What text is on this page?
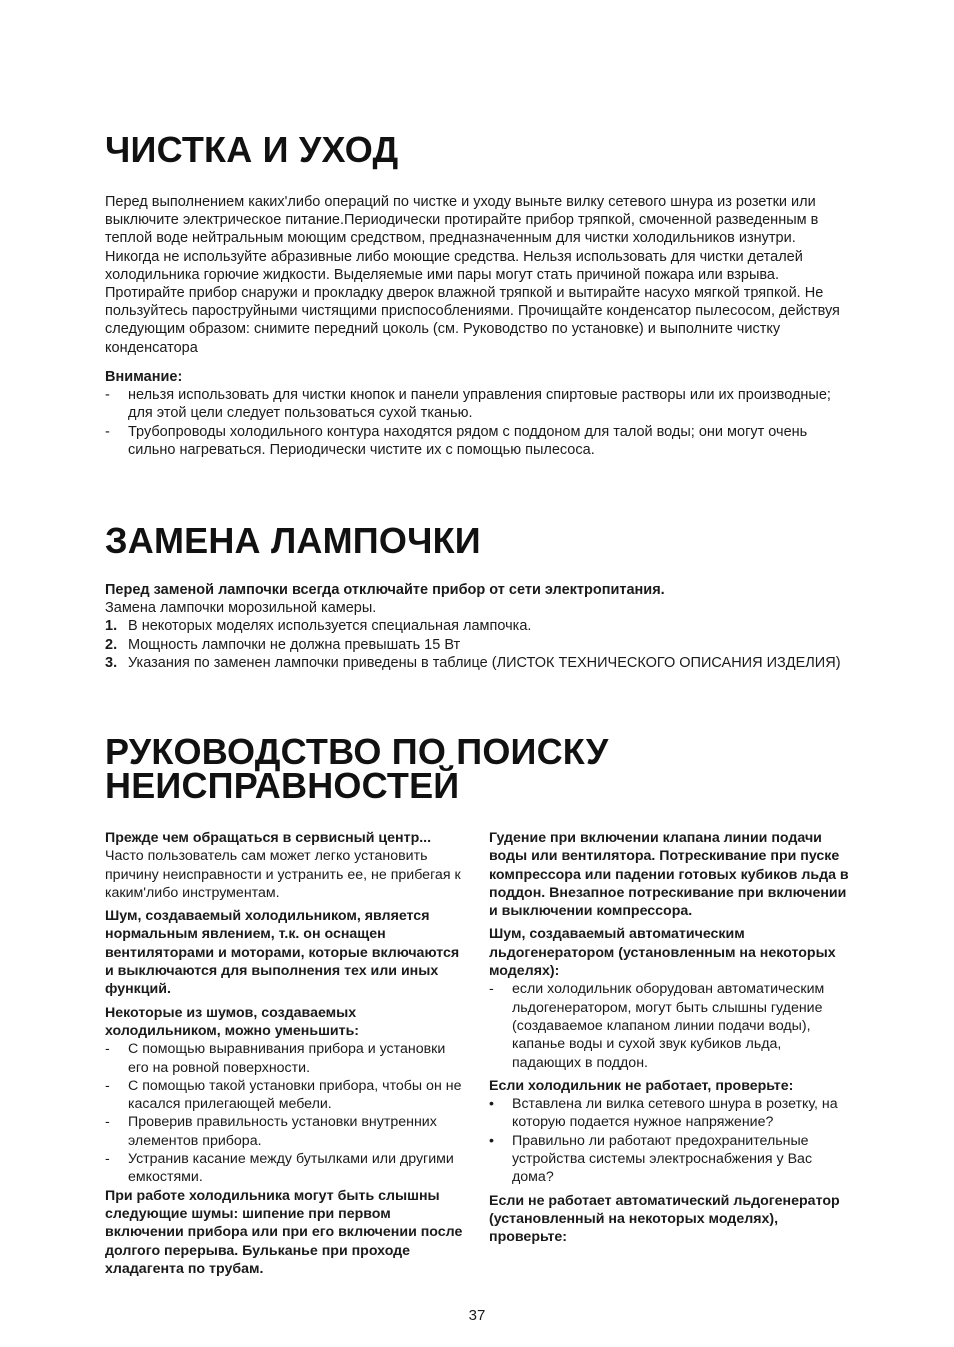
ЧИСТКА И УХОД

Перед выполнением каких'либо операций по чистке и уходу выньте вилку сетевого шнура из розетки или выключите электрическое питание.Периодически протирайте прибор тряпкой, смоченной разведенным в теплой воде нейтральным моющим средством, предназначенным для чистки холодильников изнутри. Никогда не используйте абразивные либо моющие средства. Нельзя использовать для чистки деталей холодильника горючие жидкости. Выделяемые ими пары могут стать причиной пожара или взрыва. Протирайте прибор снаружи и прокладку дверок влажной тряпкой и вытирайте насухо мягкой тряпкой. Не пользуйтесь пароструйными чистящими приспособлениями. Прочищайте конденсатор пылесосом, действуя следующим образом: снимите передний цоколь (см. Руководство по установке) и выполните чистку конденсатора

Внимание:
- нельзя использовать для чистки кнопок и панели управления спиртовые растворы или их производные; для этой цели следует пользоваться сухой тканью.
- Трубопроводы холодильного контура находятся рядом с поддоном для талой воды; они могут очень сильно нагреваться. Периодически чистите их с помощью пылесоса.
ЗАМЕНА ЛАМПОЧКИ
Перед заменой лампочки всегда отключайте прибор от сети электропитания.
Замена лампочки морозильной камеры.
1. В некоторых моделях используется специальная лампочка.
2. Мощность лампочки не должна превышать 15 Вт
3. Указания по заменен лампочки приведены в таблице (ЛИСТОК ТЕХНИЧЕСКОГО ОПИСАНИЯ ИЗДЕЛИЯ)
РУКОВОДСТВО ПО ПОИСКУ
НЕИСПРАВНОСТЕЙ

Прежде чем обращаться в сервисный центр...

Часто пользователь сам может легко установить причину неисправности и устранить ее, не прибегая к каким'либо инструментам.

Шум, создаваемый холодильником, является нормальным явлением, т.к. он оснащен вентиляторами и моторами, которые включаются и выключаются для выполнения тех или иных функций.

Некоторые из шумов, создаваемых холодильником, можно уменьшить:

- С помощью выравнивания прибора и установки его на ровной поверхности.
- С помощью такой установки прибора, чтобы он не касался прилегающей мебели.
- Проверив правильность установки внутренних элементов прибора.
- Устранив касание между бутылками или другими емкостями.

При работе холодильника могут быть слышны следующие шумы: шипение при первом включении прибора или при его включении после долгого перерыва. Бульканье при проходе хладагента по трубам.

Гудение при включении клапана линии подачи воды или вентилятора. Потрескивание при пуске компрессора или падении готовых кубиков льда в поддон. Внезапное потрескивание при включении и выключении компрессора.

Шум, создаваемый автоматическим льдогенератором (установленным на некоторых моделях):

- если холодильник оборудован автоматическим льдогенератором, могут быть слышны гудение (создаваемое клапаном линии подачи воды), капанье воды и сухой звук кубиков льда, падающих в поддон.

Если холодильник не работает, проверьте:

• Вставлена ли вилка сетевого шнура в розетку, на которую подается нужное напряжение?
• Правильно ли работают предохранительные устройства системы электроснабжения у Вас дома?

Если не работает автоматический льдогенератор (установленный на некоторых моделях), проверьте:

37
